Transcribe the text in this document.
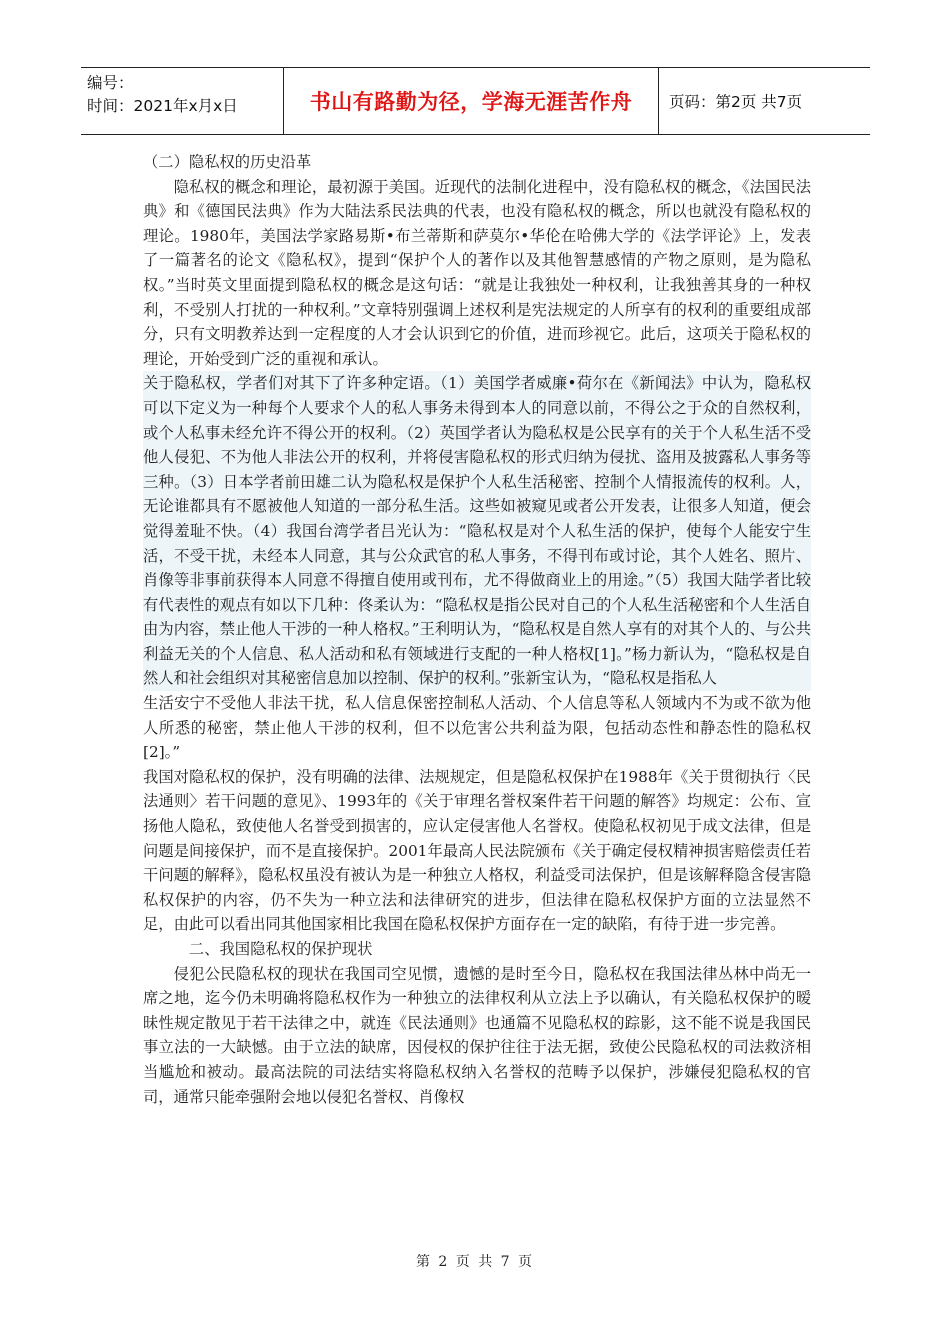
编号：
时间：2021年x月x日	书山有路勤为径，学海无涯苦作舟	页码：第2页 共7页

（二）隐私权的历史沿革

隐私权的概念和理论，最初源于美国。近现代的法制化进程中，没有隐私权的概念，《法国民法典》和《德国民法典》作为大陆法系民法典的代表，也没有隐私权的概念，所以也就没有隐私权的理论。1980年，美国法学家路易斯•布兰蒂斯和萨莫尔•华伦在哈佛大学的《法学评论》上，发表了一篇著名的论文《隐私权》，提到“保护个人的著作以及其他智慧感情的产物之原则，是为隐私权。”当时英文里面提到隐私权的概念是这句话：“就是让我独处一种权利，让我独善其身的一种权利，不受别人打扰的一种权利。”文章特别强调上述权利是宪法规定的人所享有的权利的重要组成部分，只有文明教养达到一定程度的人才会认识到它的价值，进而珍视它。此后，这项关于隐私权的理论，开始受到广泛的重视和承认。

关于隐私权，学者们对其下了许多种定语。（1）美国学者威廉•荷尔在《新闻法》中认为，隐私权可以下定义为一种每个人要求个人的私人事务未得到本人的同意以前，不得公之于众的自然权利，或个人私事未经允许不得公开的权利。（2）英国学者认为隐私权是公民享有的关于个人私生活不受他人侵犯、不为他人非法公开的权利，并将侵害隐私权的形式归纳为侵扰、盗用及披露私人事务等三种。（3）日本学者前田雄二认为隐私权是保护个人私生活秘密、控制个人情报流传的权利。人，无论谁都具有不愿被他人知道的一部分私生活。这些如被窥见或者公开发表，让很多人知道，便会觉得羞耻不快。（4）我国台湾学者吕光认为：“隐私权是对个人私生活的保护，使每个人能安宁生活，不受干扰，未经本人同意，其与公众武官的私人事务，不得刊布或讨论，其个人姓名、照片、肖像等非事前获得本人同意不得擅自使用或刊布，尤不得做商业上的用途。”（5）我国大陆学者比较有代表性的观点有如以下几种：佟柔认为：“隐私权是指公民对自己的个人私生活秘密和个人生活自由为内容，禁止他人干涉的一种人格权。”王利明认为，“隐私权是自然人享有的对其个人的、与公共利益无关的个人信息、私人活动和私有领域进行支配的一种人格权[1]。”杨力新认为，“隐私权是自然人和社会组织对其秘密信息加以控制、保护的权利。”张新宝认为，“隐私权是指私人

生活安宁不受他人非法干扰，私人信息保密控制私人活动、个人信息等私人领域内不为或不欲为他人所悉的秘密，禁止他人干涉的权利，但不以危害公共利益为限，包括动态性和静态性的隐私权[2]。”

我国对隐私权的保护，没有明确的法律、法规规定，但是隐私权保护在1988年《关于贯彻执行〈民法通则〉若干问题的意见》、1993年的《关于审理名誉权案件若干问题的解答》均规定：公布、宣扬他人隐私，致使他人名誉受到损害的，应认定侵害他人名誉权。使隐私权初见于成文法律，但是问题是间接保护，而不是直接保护。2001年最高人民法院颁布《关于确定侵权精神损害赔偿责任若干问题的解释》，隐私权虽没有被认为是一种独立人格权，利益受司法保护，但是该解释隐含侵害隐私权保护的内容，仍不失为一种立法和法律研究的进步，但法律在隐私权保护方面的立法显然不足，由此可以看出同其他国家相比我国在隐私权保护方面存在一定的缺陷，有待于进一步完善。

二、我国隐私权的保护现状

侵犯公民隐私权的现状在我国司空见惯，遗憾的是时至今日，隐私权在我国法律丛林中尚无一席之地，迄今仍未明确将隐私权作为一种独立的法律权利从立法上予以确认，有关隐私权保护的暧昧性规定散见于若干法律之中，就连《民法通则》也通篇不见隐私权的踪影，这不能不说是我国民事立法的一大缺憾。由于立法的缺席，因侵权的保护往往于法无据，致使公民隐私权的司法救济相当尴尬和被动。最高法院的司法结实将隐私权纳入名誉权的范畴予以保护，涉嫌侵犯隐私权的官司，通常只能牵强附会地以侵犯名誉权、肖像权

第 2 页 共 7 页
